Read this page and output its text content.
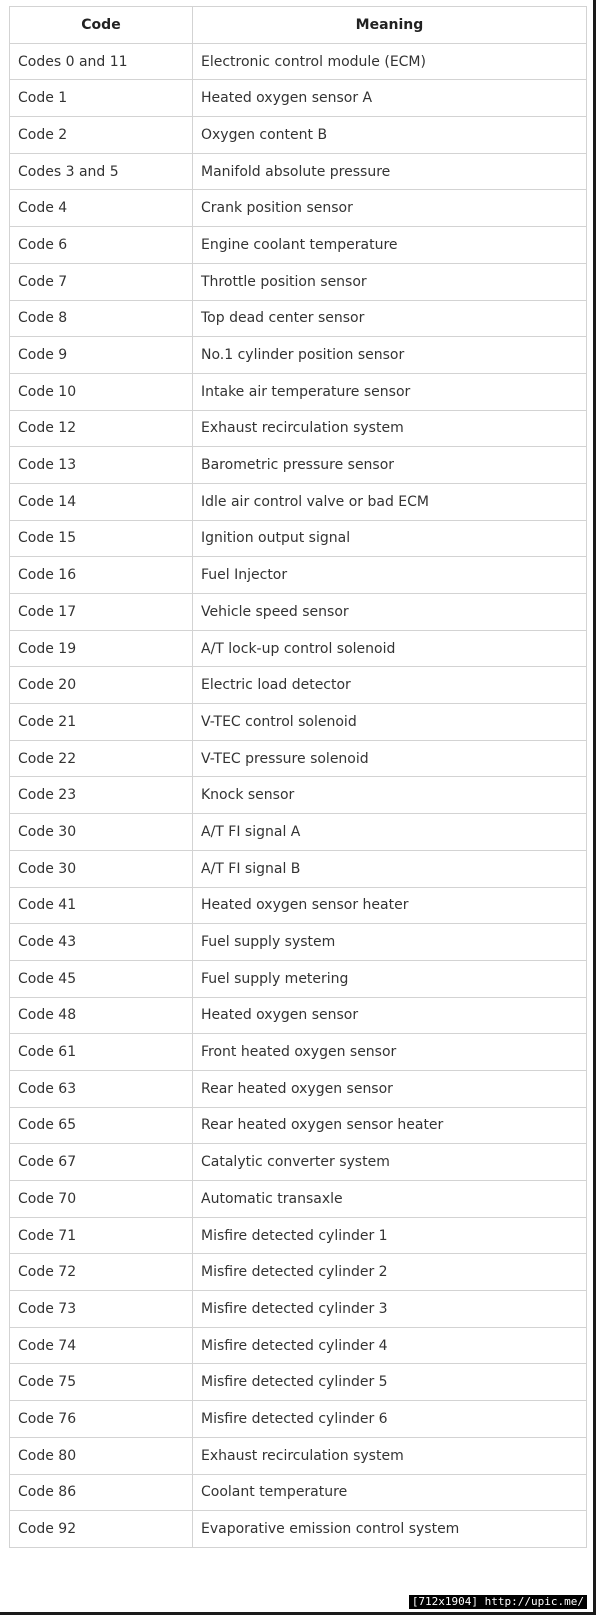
Code	Meaning
Codes 0 and 11	Electronic control module (ECM)
Code 1	Heated oxygen sensor A
Code 2	Oxygen content B
Codes 3 and 5	Manifold absolute pressure
Code 4	Crank position sensor
Code 6	Engine coolant temperature
Code 7	Throttle position sensor
Code 8	Top dead center sensor
Code 9	No.1 cylinder position sensor
Code 10	Intake air temperature sensor
Code 12	Exhaust recirculation system
Code 13	Barometric pressure sensor
Code 14	Idle air control valve or bad ECM
Code 15	Ignition output signal
Code 16	Fuel Injector
Code 17	Vehicle speed sensor
Code 19	A/T lock-up control solenoid
Code 20	Electric load detector
Code 21	V-TEC control solenoid
Code 22	V-TEC pressure solenoid
Code 23	Knock sensor
Code 30	A/T FI signal A
Code 30	A/T FI signal B
Code 41	Heated oxygen sensor heater
Code 43	Fuel supply system
Code 45	Fuel supply metering
Code 48	Heated oxygen sensor
Code 61	Front heated oxygen sensor
Code 63	Rear heated oxygen sensor
Code 65	Rear heated oxygen sensor heater
Code 67	Catalytic converter system
Code 70	Automatic transaxle
Code 71	Misfire detected cylinder 1
Code 72	Misfire detected cylinder 2
Code 73	Misfire detected cylinder 3
Code 74	Misfire detected cylinder 4
Code 75	Misfire detected cylinder 5
Code 76	Misfire detected cylinder 6
Code 80	Exhaust recirculation system
Code 86	Coolant temperature
Code 92	Evaporative emission control system
[712x1904] http://upic.me/
